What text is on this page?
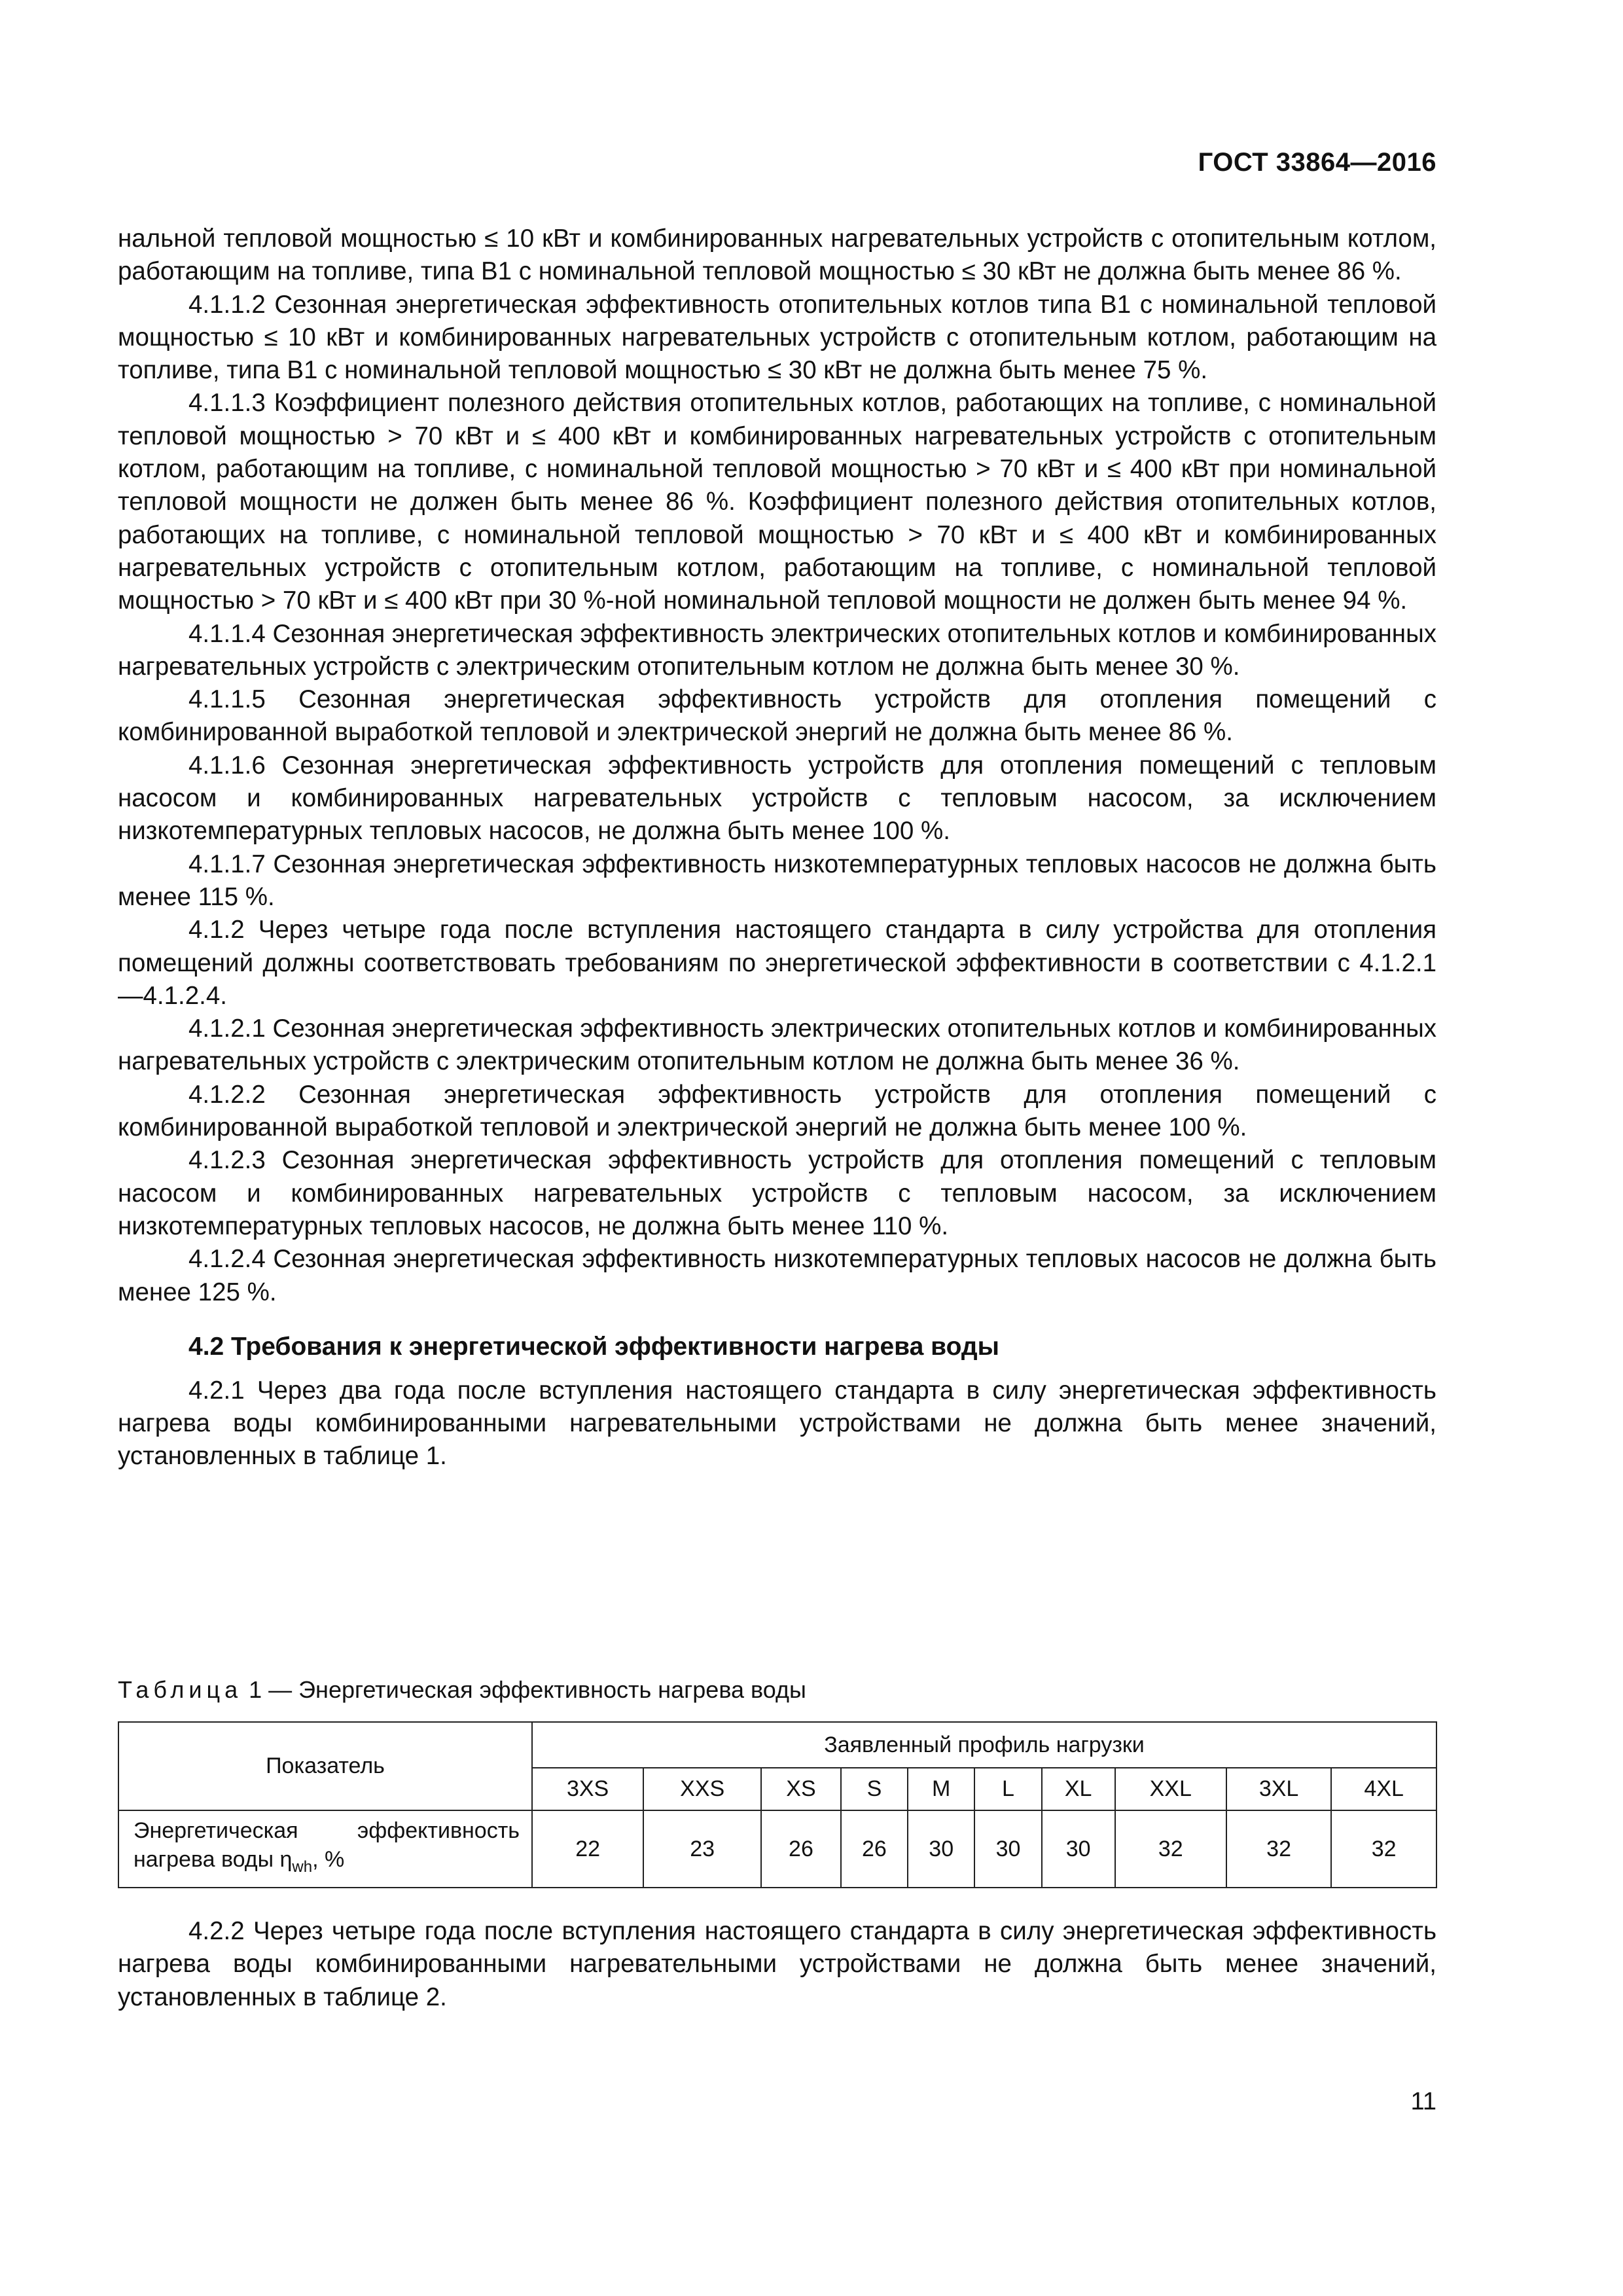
ГОСТ 33864—2016

нальной тепловой мощностью ≤ 10 кВт и комбинированных нагревательных устройств с отопительным котлом, работающим на топливе, типа В1 с номинальной тепловой мощностью ≤ 30 кВт не должна быть менее 86 %.

4.1.1.2 Сезонная энергетическая эффективность отопительных котлов типа В1 с номинальной тепловой мощностью ≤ 10 кВт и комбинированных нагревательных устройств с отопительным котлом, работающим на топливе, типа В1 с номинальной тепловой мощностью ≤ 30 кВт не должна быть менее 75 %.

4.1.1.3 Коэффициент полезного действия отопительных котлов, работающих на топливе, с номинальной тепловой мощностью > 70 кВт и ≤ 400 кВт и комбинированных нагревательных устройств с отопительным котлом, работающим на топливе, с номинальной тепловой мощностью > 70 кВт и ≤ 400 кВт при номинальной тепловой мощности не должен быть менее 86 %. Коэффициент полезного действия отопительных котлов, работающих на топливе, с номинальной тепловой мощностью > 70 кВт и ≤ 400 кВт и комбинированных нагревательных устройств с отопительным котлом, работающим на топливе, с номинальной тепловой мощностью > 70 кВт и ≤ 400 кВт при 30 %-ной номинальной тепловой мощности не должен быть менее 94 %.

4.1.1.4 Сезонная энергетическая эффективность электрических отопительных котлов и комбинированных нагревательных устройств с электрическим отопительным котлом не должна быть менее 30 %.

4.1.1.5 Сезонная энергетическая эффективность устройств для отопления помещений с комбинированной выработкой тепловой и электрической энергий не должна быть менее 86 %.

4.1.1.6 Сезонная энергетическая эффективность устройств для отопления помещений с тепловым насосом и комбинированных нагревательных устройств с тепловым насосом, за исключением низкотемпературных тепловых насосов, не должна быть менее 100 %.

4.1.1.7 Сезонная энергетическая эффективность низкотемпературных тепловых насосов не должна быть менее 115 %.

4.1.2 Через четыре года после вступления настоящего стандарта в силу устройства для отопления помещений должны соответствовать требованиям по энергетической эффективности в соответствии с 4.1.2.1—4.1.2.4.

4.1.2.1 Сезонная энергетическая эффективность электрических отопительных котлов и комбинированных нагревательных устройств с электрическим отопительным котлом не должна быть менее 36 %.

4.1.2.2 Сезонная энергетическая эффективность устройств для отопления помещений с комбинированной выработкой тепловой и электрической энергий не должна быть менее 100 %.

4.1.2.3 Сезонная энергетическая эффективность устройств для отопления помещений с тепловым насосом и комбинированных нагревательных устройств с тепловым насосом, за исключением низкотемпературных тепловых насосов, не должна быть менее 110 %.

4.1.2.4 Сезонная энергетическая эффективность низкотемпературных тепловых насосов не должна быть менее 125 %.

4.2 Требования к энергетической эффективности нагрева воды

4.2.1 Через два года после вступления настоящего стандарта в силу энергетическая эффективность нагрева воды комбинированными нагревательными устройствами не должна быть менее значений, установленных в таблице 1.

Таблица 1 — Энергетическая эффективность нагрева воды
Показатель	Заявленный профиль нагрузки									
	3XS	XXS	XS	S	M	L	XL	XXL	3XL	4XL
Энергетическая эффективность нагрева воды $\eta_{wh}$, %	22	23	26	26	30	30	30	32	32	32

4.2.2 Через четыре года после вступления настоящего стандарта в силу энергетическая эффективность нагрева воды комбинированными нагревательными устройствами не должна быть менее значений, установленных в таблице 2.

11
